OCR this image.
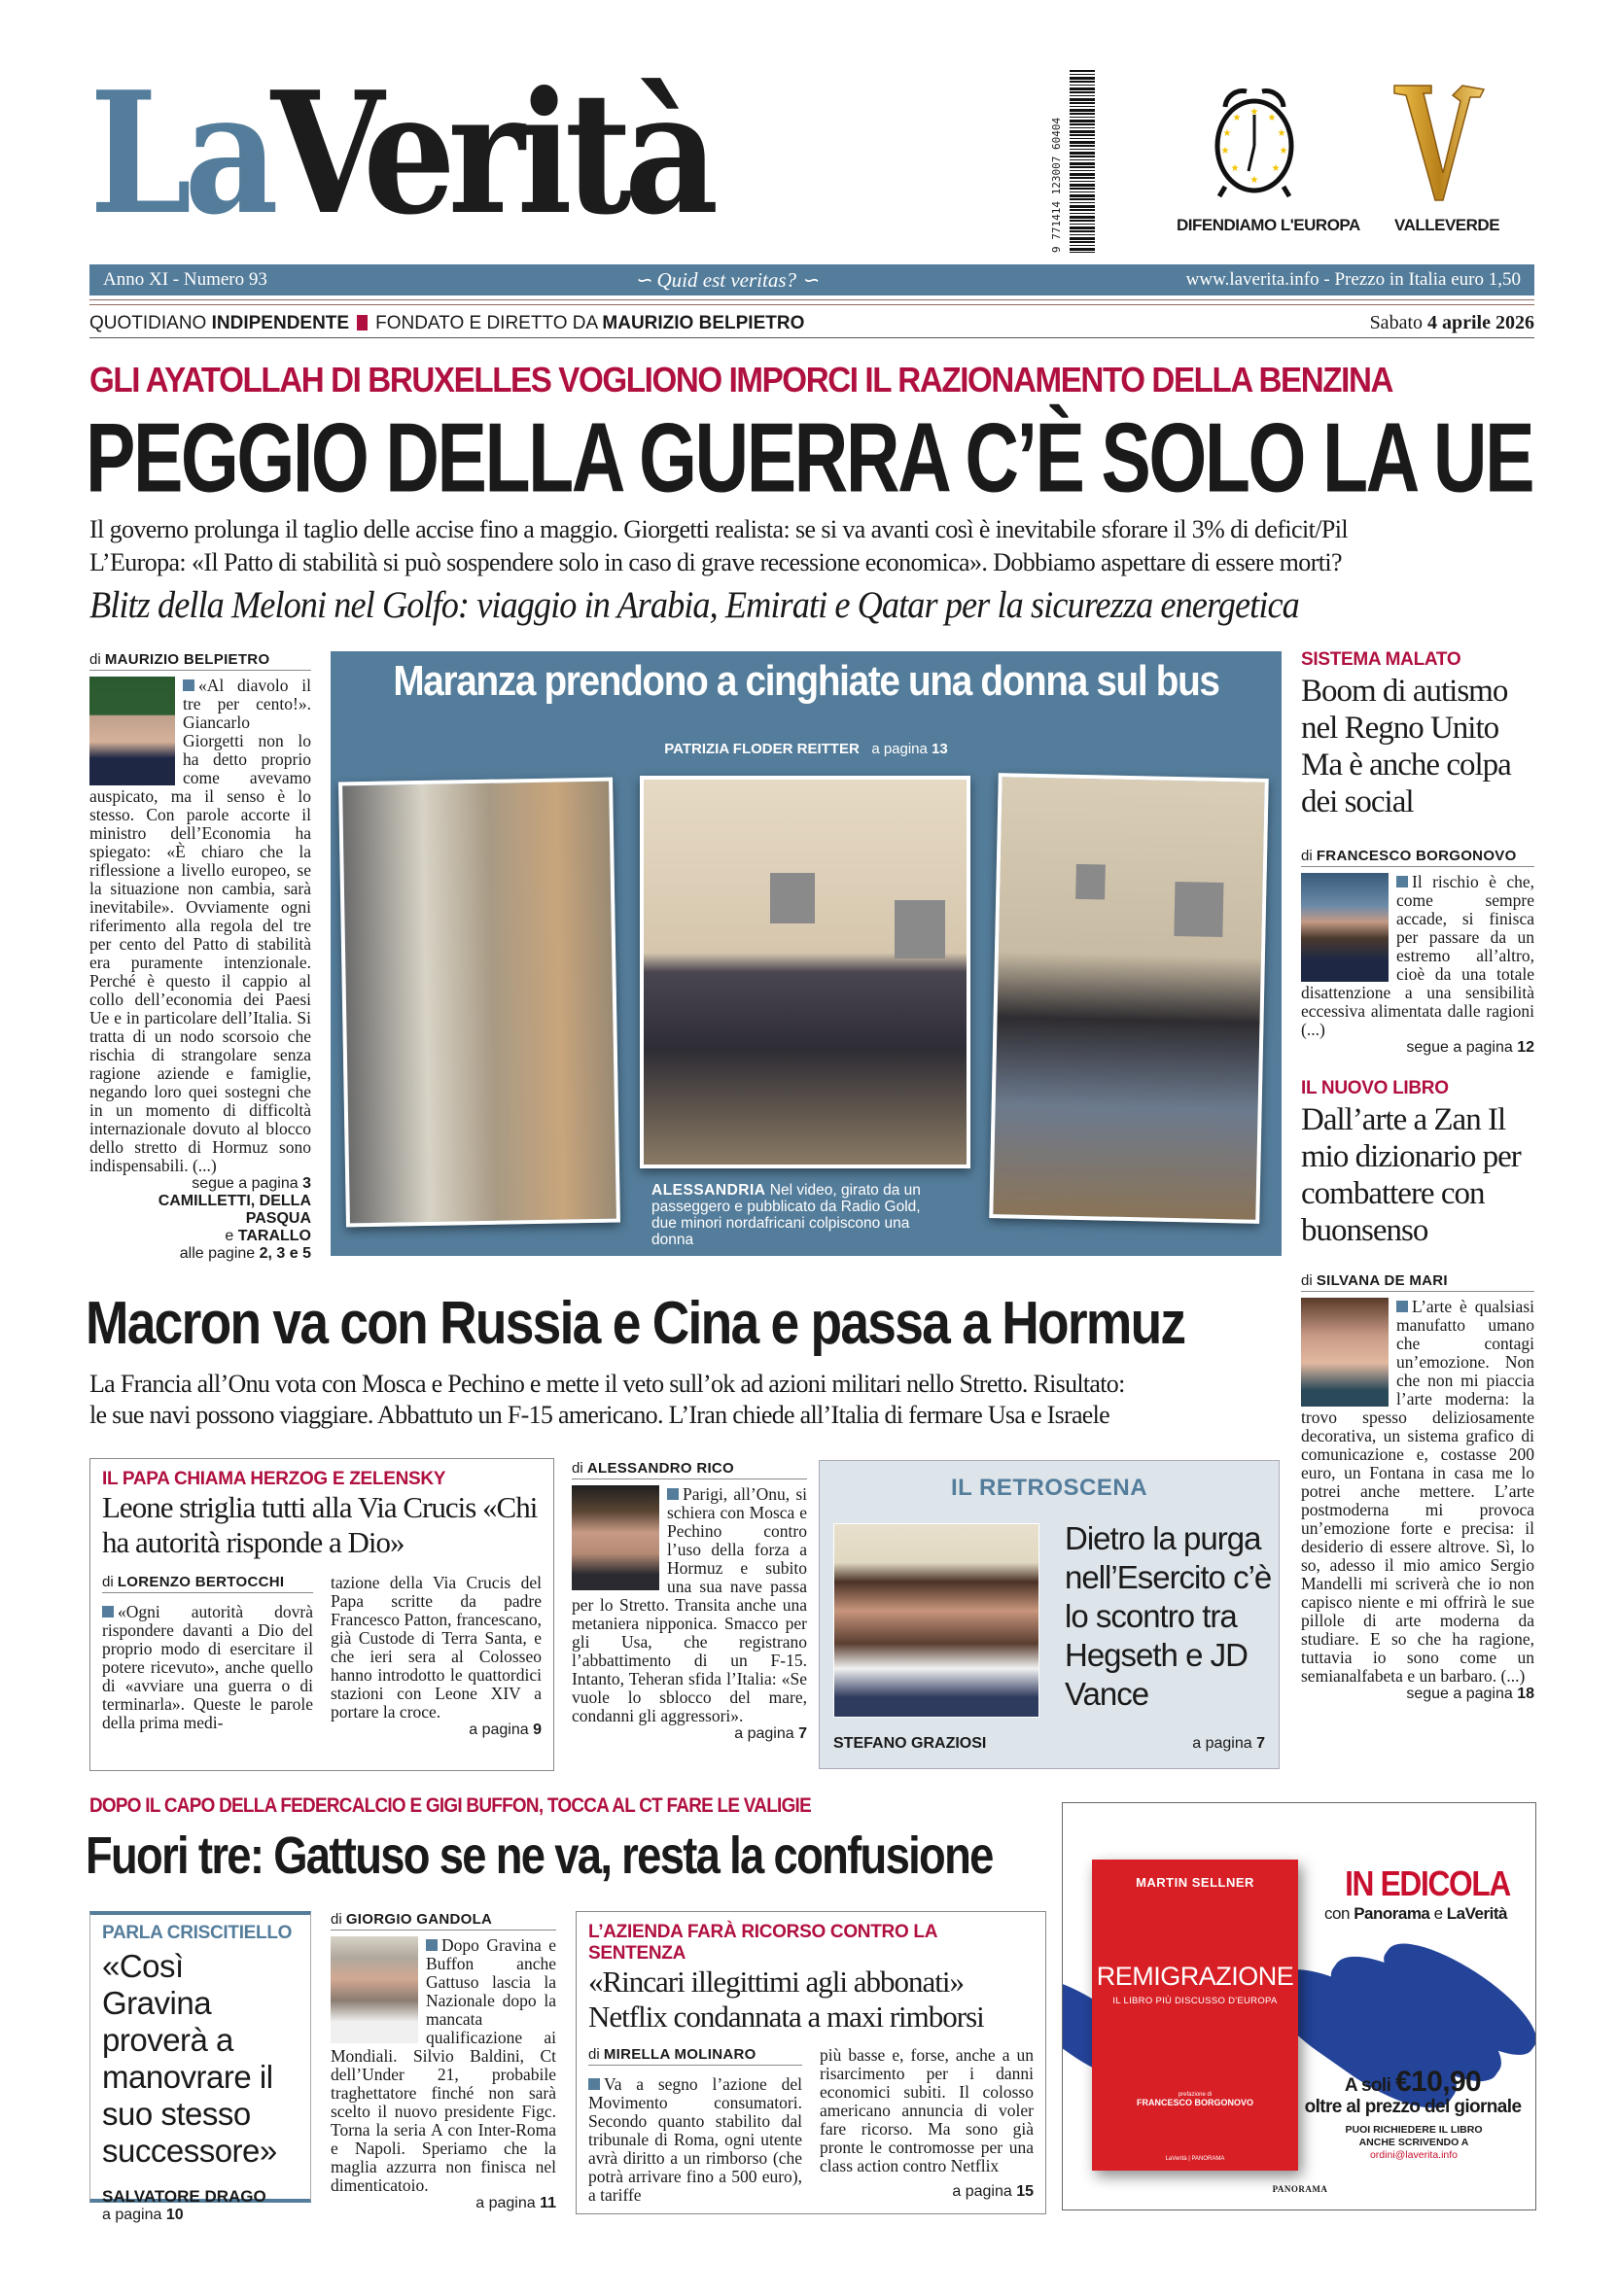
LaVerità	9 771414 123007 60404
★
★
★
★
★
★
★
★
★
★
DIFENDIAMO L'EUROPA VALLEVERDE
Anno XI - Numero 93	∽ Quid est veritas? ∽	www.laverita.info - Prezzo in Italia euro 1,50
QUOTIDIANO INDIPENDENTE FONDATO E DIRETTO DA MAURIZIO BELPIETRO	Sabato 4 aprile 2026
GLI AYATOLLAH DI BRUXELLES VOGLIONO IMPORCI IL RAZIONAMENTO DELLA BENZINA
PEGGIO DELLA GUERRA C’È SOLO LA UE
Il governo prolunga il taglio delle accise fino a maggio. Giorgetti realista: se si va avanti così è inevitabile sforare il 3% di deficit/Pil
L’Europa: «Il Patto di stabilità si può sospendere solo in caso di grave recessione economica». Dobbiamo aspettare di essere morti?
Blitz della Meloni nel Golfo: viaggio in Arabia, Emirati e Qatar per la sicurezza energetica
di MAURIZIO BELPIETRO

«Al diavolo il tre per cento!». Giancarlo Giorgetti non lo ha detto proprio come avevamo auspicato, ma il senso è lo stesso. Con parole accorte il ministro dell’Economia ha spiegato: «È chiaro che la riflessione a livello europeo, se la situazione non cambia, sarà inevitabile». Ovviamente ogni riferimento alla regola del tre per cento del Patto di stabilità era puramente intenzionale. Perché è questo il cappio al collo dell’economia dei Paesi Ue e in particolare dell’Italia. Si tratta di un nodo scorsoio che rischia di strangolare senza ragione aziende e famiglie, negando loro quei sostegni che in un momento di difficoltà internazionale dovuto al blocco dello stretto di Hormuz sono indispensabili. (...)

segue a pagina 3
CAMILLETTI, DELLA PASQUA
e TARALLO
alle pagine 2, 3 e 5
Maranza prendono a cinghiate una donna sul bus
PATRIZIA FLODER REITTER a pagina 13
ALESSANDRIA Nel video, girato da un passeggero e pubblicato da Radio Gold, due minori nordafricani colpiscono una donna
SISTEMA MALATO
Boom di autismo nel Regno Unito Ma è anche colpa dei social
di FRANCESCO BORGONOVO

Il rischio è che, come sempre accade, si finisca per passare da un estremo all’altro, cioè da una totale disattenzione a una sensibilità eccessiva alimentata dalle ragioni (...)

segue a pagina 12
IL NUOVO LIBRO
Dall’arte a Zan Il mio dizionario per combattere con buonsenso
di SILVANA DE MARI

L’arte è qualsiasi manufatto umano che contagi un’emozione. Non che non mi piaccia l’arte moderna: la trovo spesso deliziosamente decorativa, un sistema grafico di comunicazione e, costasse 200 euro, un Fontana in casa me lo potrei anche mettere. L’arte postmoderna mi provoca un’emozione forte e precisa: il desiderio di essere altrove. Sì, lo so, adesso il mio amico Sergio Mandelli mi scriverà che io non capisco niente e mi offrirà le sue pillole di arte moderna da studiare. E so che ha ragione, tuttavia io sono come un semianalfabeta e un barbaro. (...)

segue a pagina 18
Macron va con Russia e Cina e passa a Hormuz
La Francia all’Onu vota con Mosca e Pechino e mette il veto sull’ok ad azioni militari nello Stretto. Risultato:
le sue navi possono viaggiare. Abbattuto un F-15 americano. L’Iran chiede all’Italia di fermare Usa e Israele
IL PAPA CHIAMA HERZOG E ZELENSKY
Leone striglia tutti alla Via Crucis «Chi ha autorità risponde a Dio»
di LORENZO BERTOCCHI

«Ogni autorità dovrà rispondere davanti a Dio del proprio modo di esercitare il potere ricevuto», anche quello di «avviare una guerra o di terminarla». Queste le parole della prima medi-

tazione della Via Crucis del Papa scritte da padre Francesco Patton, francescano, già Custode di Terra Santa, e che ieri sera al Colosseo hanno introdotto le quattordici stazioni con Leone XIV a portare la croce.

a pagina 9
di ALESSANDRO RICO

Parigi, all’Onu, si schiera con Mosca e Pechino contro l’uso della forza a Hormuz e subito una sua nave passa per lo Stretto. Transita anche una metaniera nipponica. Smacco per gli Usa, che registrano l’abbattimento di un F-15. Intanto, Teheran sfida l’Italia: «Se vuole lo sblocco del mare, condanni gli aggressori».

a pagina 7
IL RETROSCENA
Dietro la purga nell’Esercito c’è lo scontro tra Hegseth e JD Vance
STEFANO GRAZIOSI	a pagina 7
DOPO IL CAPO DELLA FEDERCALCIO E GIGI BUFFON, TOCCA AL CT FARE LE VALIGIE
Fuori tre: Gattuso se ne va, resta la confusione
PARLA CRISCITIELLO
«Così Gravina proverà a manovrare il suo stesso successore»
SALVATORE DRAGO
a pagina 10
di GIORGIO GANDOLA

Dopo Gravina e Buffon anche Gattuso lascia la Nazionale dopo la mancata qualificazione ai Mondiali. Silvio Baldini, Ct dell’Under 21, probabile traghettatore finché non sarà scelto il nuovo presidente Figc. Torna la seria A con Inter-Roma e Napoli. Speriamo che la maglia azzurra non finisca nel dimenticatoio.

a pagina 11
L’AZIENDA FARÀ RICORSO CONTRO LA SENTENZA
«Rincari illegittimi agli abbonati» Netflix condannata a maxi rimborsi
di MIRELLA MOLINARO

Va a segno l’azione del Movimento consumatori. Secondo quanto stabilito dal tribunale di Roma, ogni utente avrà diritto a un rimborso (che potrà arrivare fino a 500 euro), a tariffe

più basse e, forse, anche a un risarcimento per i danni economici subiti. Il colosso americano annuncia di voler fare ricorso. Ma sono già pronte le contromosse per una class action contro Netflix

a pagina 15
MARTIN SELLNER
REMIGRAZIONE
IL LIBRO PIÙ DISCUSSO D'EUROPA
prefazione di
FRANCESCO BORGONOVO
LaVerità | PANORAMA
IN EDICOLA
con Panorama e LaVerità
A soli €10,90
oltre al prezzo del giornale
PUOI RICHIEDERE IL LIBRO
ANCHE SCRIVENDO A
ordini@laverita.info
PANORAMA
